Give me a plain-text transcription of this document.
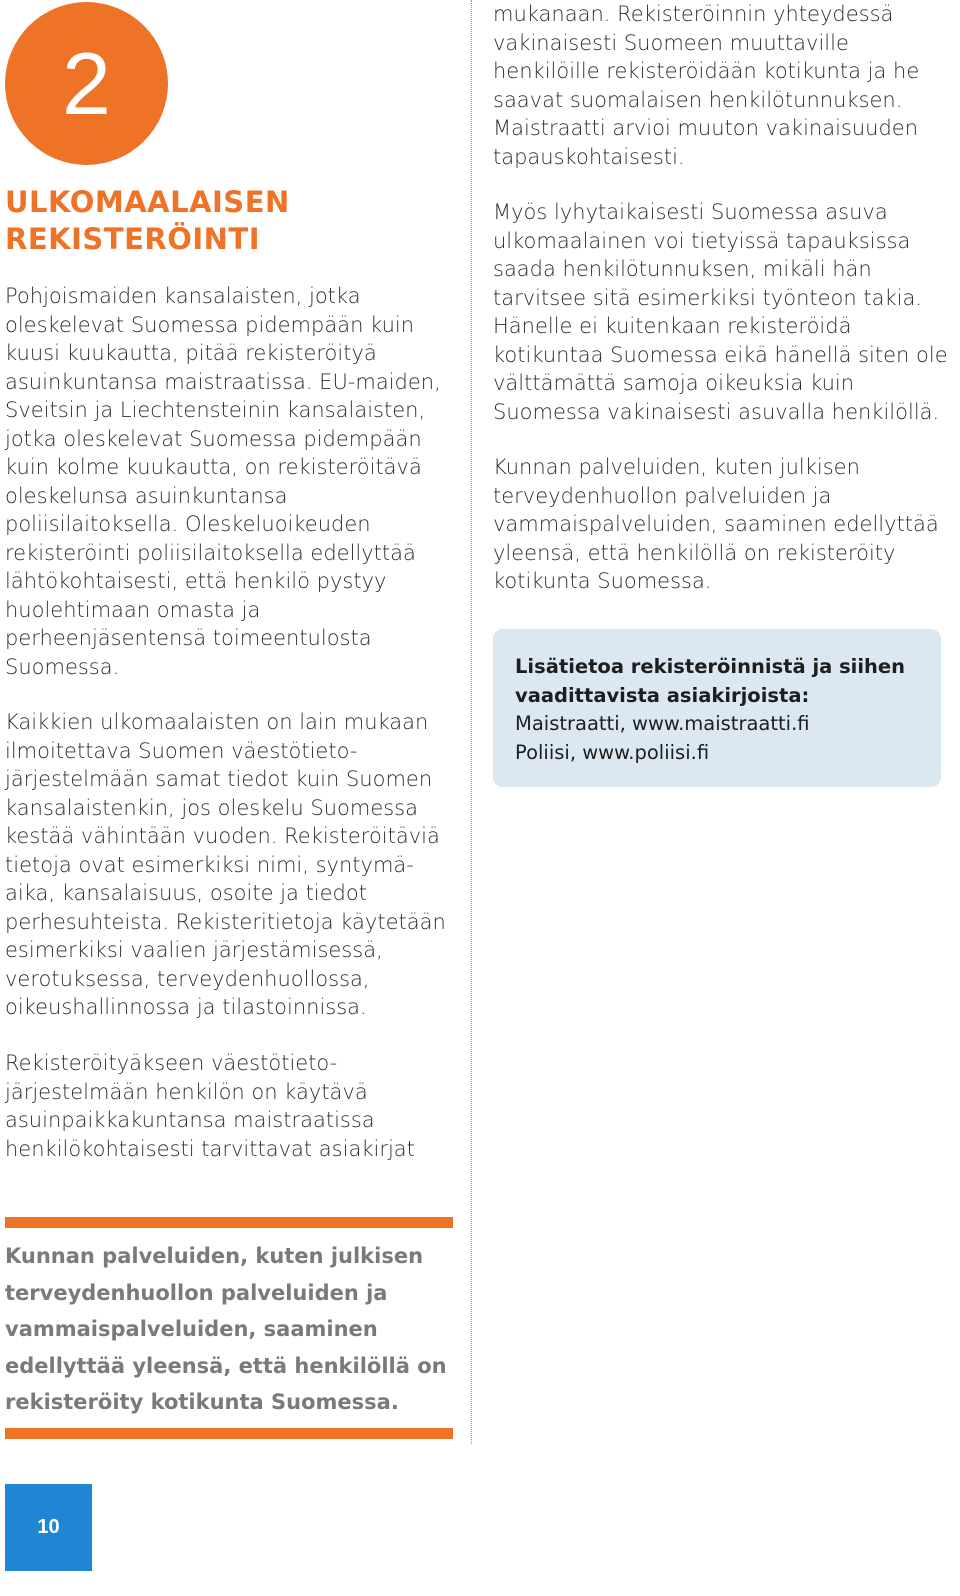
2
ULKOMAALAISEN
REKISTERÖINTI

Pohjoismaiden kansalaisten, jotka oleskelevat Suomessa pidempään kuin kuusi kuukautta, pitää rekisteröityä asuinkuntansa maistraatissa. EU-maiden, Sveitsin ja Liechtensteinin kansalaisten, jotka oleskelevat Suomessa pidempään kuin kolme kuukautta, on rekisteröitävä oleskelunsa asuinkuntansa poliisilaitoksella. Oleskeluoikeuden rekisteröinti poliisilaitoksella edellyttää lähtökohtaisesti, että henkilö pystyy huolehtimaan omasta ja perheenjäsentensä toimeentulosta Suomessa.

Kaikkien ulkomaalaisten on lain mukaan ilmoitettava Suomen väestötieto-järjestelmään samat tiedot kuin Suomen kansalaistenkin, jos oleskelu Suomessa kestää vähintään vuoden. Rekisteröitäviä tietoja ovat esimerkiksi nimi, syntymä-aika, kansalaisuus, osoite ja tiedot perhesuhteista. Rekisteritietoja käytetään esimerkiksi vaalien järjestämisessä, verotuksessa, terveydenhuollossa, oikeushallinnossa ja tilastoinnissa.

Rekisteröityäkseen väestötieto-järjestelmään henkilön on käytävä asuinpaikkakuntansa maistraatissa henkilökohtaisesti tarvittavat asiakirjat

Kunnan palveluiden, kuten julkisen
terveydenhuollon palveluiden ja
vammaispalveluiden, saaminen
edellyttää yleensä, että henkilöllä on
rekisteröity kotikunta Suomessa.

mukanaan. Rekisteröinnin yhteydessä vakinaisesti Suomeen muuttaville henkilöille rekisteröidään kotikunta ja he saavat suomalaisen henkilötunnuksen. Maistraatti arvioi muuton vakinaisuuden tapauskohtaisesti.

Myös lyhytaikaisesti Suomessa asuva ulkomaalainen voi tietyissä tapauksissa saada henkilötunnuksen, mikäli hän tarvitsee sitä esimerkiksi työnteon takia. Hänelle ei kuitenkaan rekisteröidä kotikuntaa Suomessa eikä hänellä siten ole välttämättä samoja oikeuksia kuin Suomessa vakinaisesti asuvalla henkilöllä.

Kunnan palveluiden, kuten julkisen terveydenhuollon palveluiden ja vammaispalveluiden, saaminen edellyttää yleensä, että henkilöllä on rekisteröity kotikunta Suomessa.

Lisätietoa rekisteröinnistä ja siihen
vaadittavista asiakirjoista:
Maistraatti, www.maistraatti.fi
Poliisi, www.poliisi.fi
10
